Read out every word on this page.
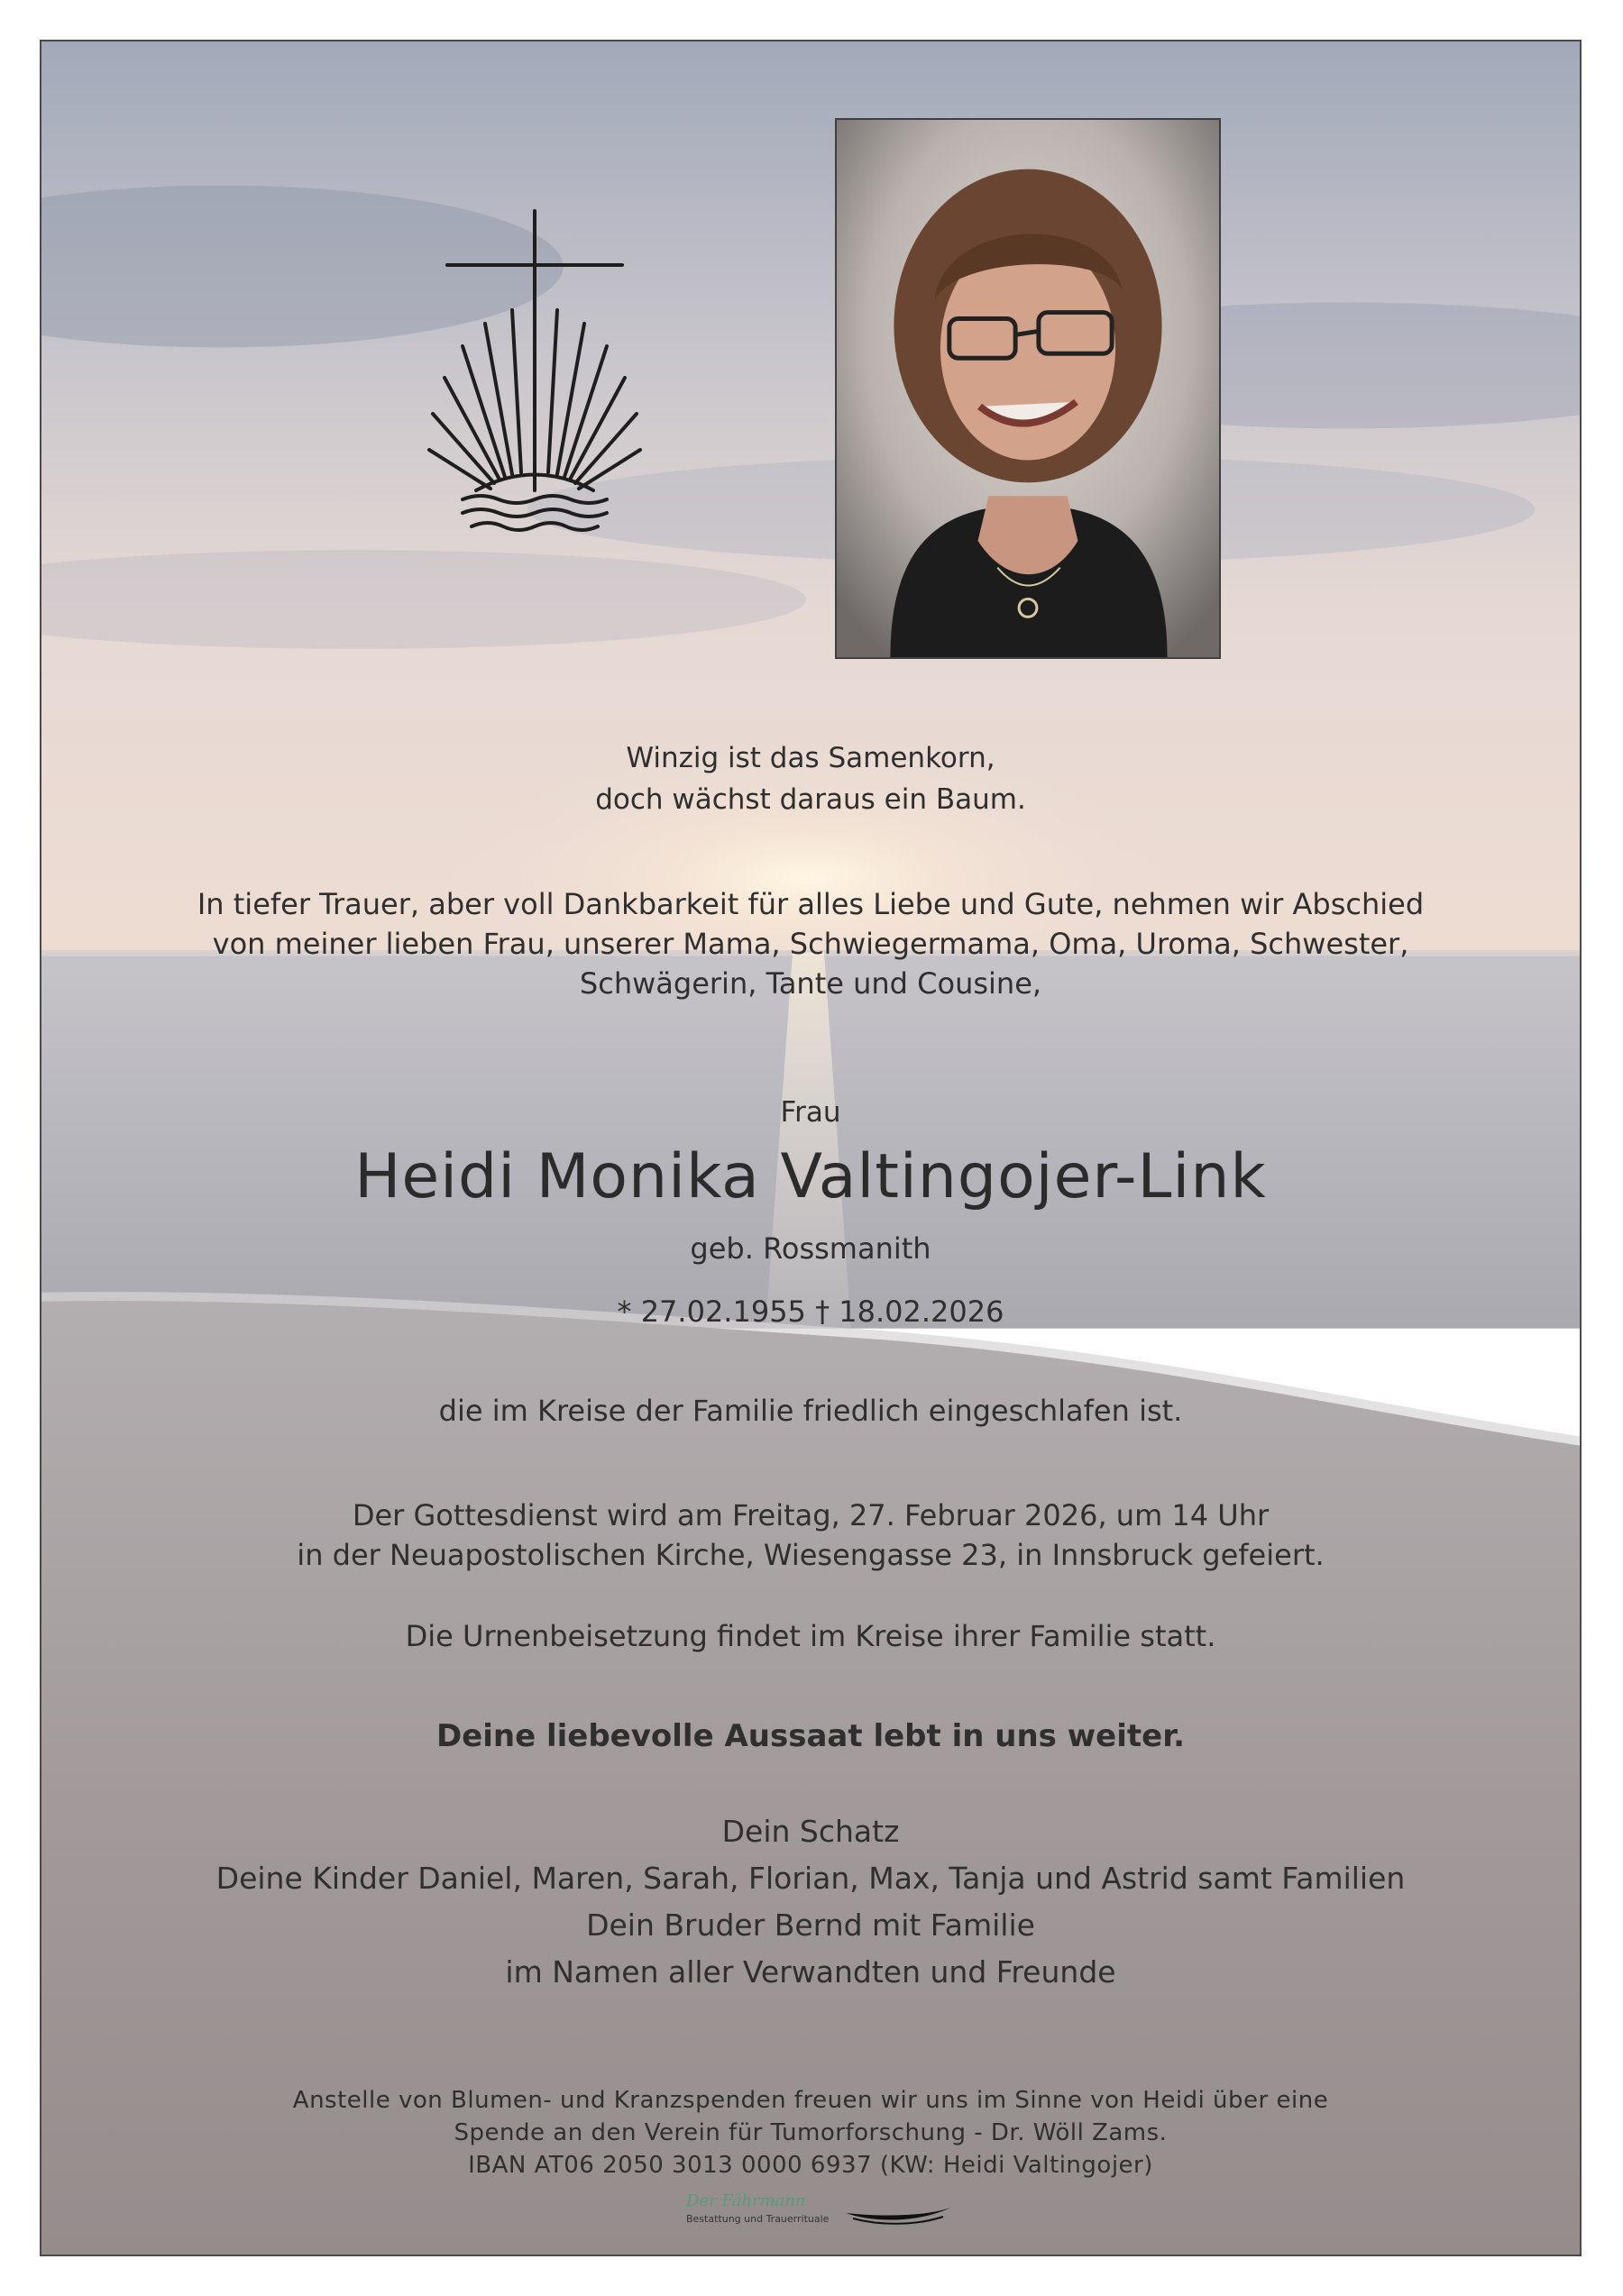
Winzig ist das Samenkorn,
doch wächst daraus ein Baum.
In tiefer Trauer, aber voll Dankbarkeit für alles Liebe und Gute, nehmen wir Abschied
von meiner lieben Frau, unserer Mama, Schwiegermama, Oma, Uroma, Schwester,
Schwägerin, Tante und Cousine,
Frau
Heidi Monika Valtingojer-Link
geb. Rossmanith
* 27.02.1955 † 18.02.2026
die im Kreise der Familie friedlich eingeschlafen ist.
Der Gottesdienst wird am Freitag, 27. Februar 2026, um 14 Uhr
in der Neuapostolischen Kirche, Wiesengasse 23, in Innsbruck gefeiert.
Die Urnenbeisetzung findet im Kreise ihrer Familie statt.
Deine liebevolle Aussaat lebt in uns weiter.
Dein Schatz
Deine Kinder Daniel, Maren, Sarah, Florian, Max, Tanja und Astrid samt Familien
Dein Bruder Bernd mit Familie
im Namen aller Verwandten und Freunde
Anstelle von Blumen- und Kranzspenden freuen wir uns im Sinne von Heidi über eine
Spende an den Verein für Tumorforschung - Dr. Wöll Zams.
IBAN AT06 2050 3013 0000 6937 (KW: Heidi Valtingojer)
Der Fährmann
Bestattung und Trauerrituale
